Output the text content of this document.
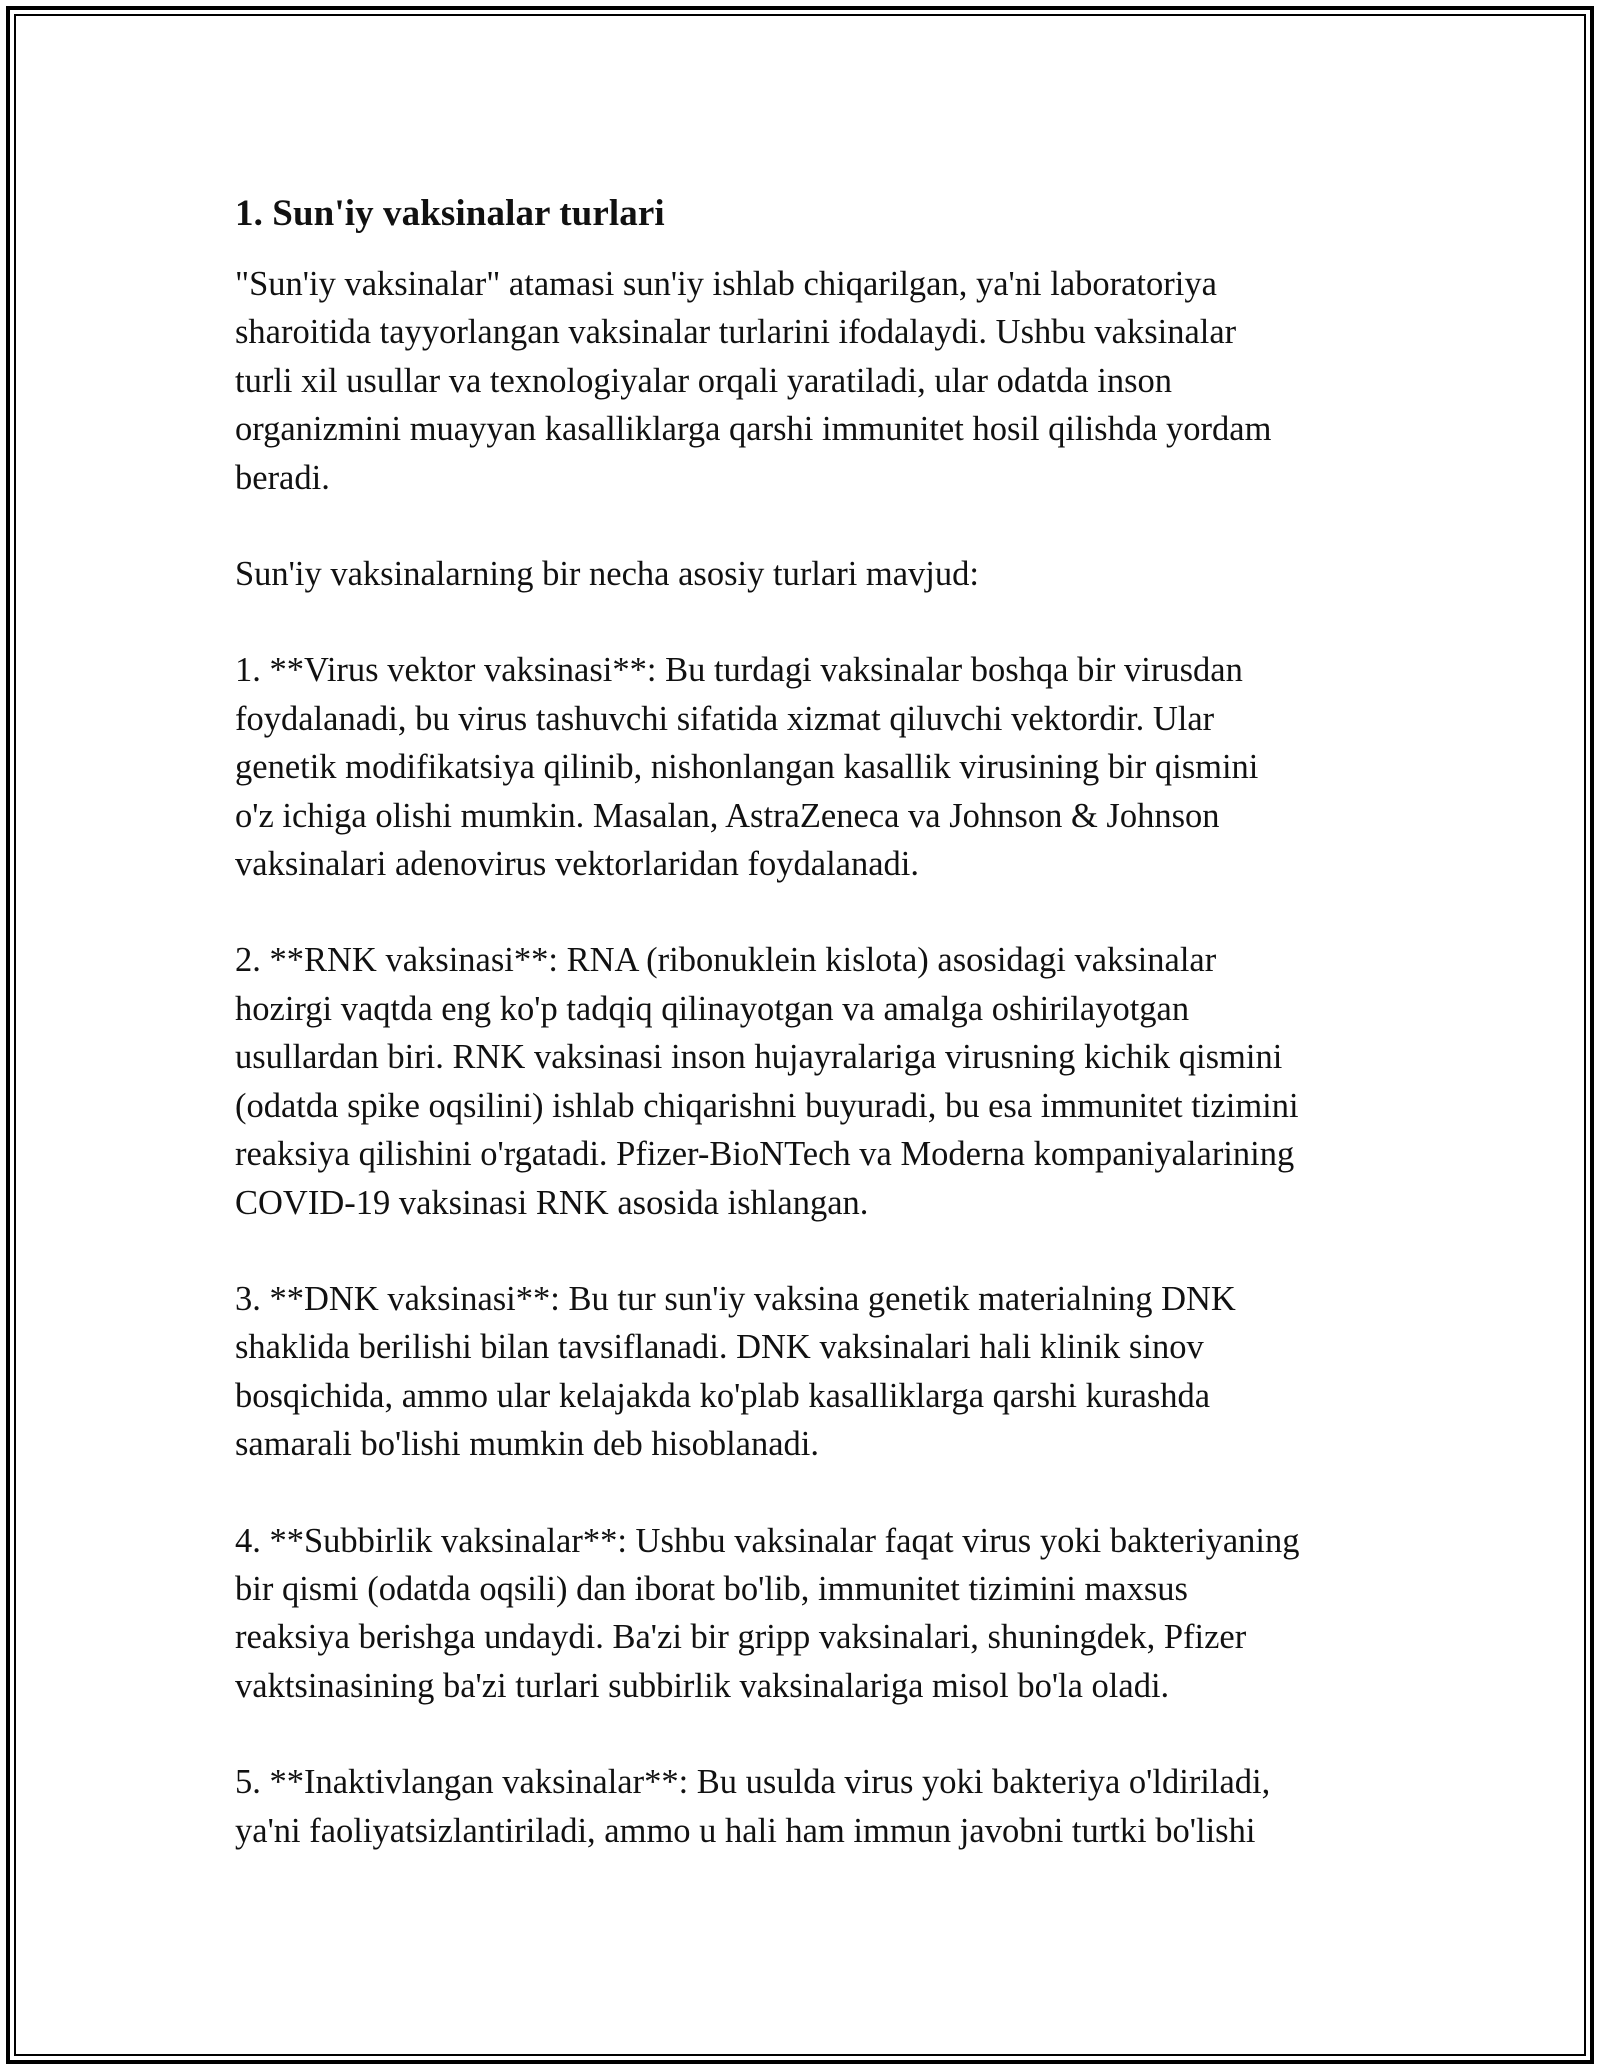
1. Sun'iy vaksinalar turlari

"Sun'iy vaksinalar" atamasi sun'iy ishlab chiqarilgan, ya'ni laboratoriya
sharoitida tayyorlangan vaksinalar turlarini ifodalaydi. Ushbu vaksinalar
turli xil usullar va texnologiyalar orqali yaratiladi, ular odatda inson
organizmini muayyan kasalliklarga qarshi immunitet hosil qilishda yordam
beradi.

Sun'iy vaksinalarning bir necha asosiy turlari mavjud:

1. **Virus vektor vaksinasi**: Bu turdagi vaksinalar boshqa bir virusdan
foydalanadi, bu virus tashuvchi sifatida xizmat qiluvchi vektordir. Ular
genetik modifikatsiya qilinib, nishonlangan kasallik virusining bir qismini
o'z ichiga olishi mumkin. Masalan, AstraZeneca va Johnson & Johnson
vaksinalari adenovirus vektorlaridan foydalanadi.

2. **RNK vaksinasi**: RNA (ribonuklein kislota) asosidagi vaksinalar
hozirgi vaqtda eng ko'p tadqiq qilinayotgan va amalga oshirilayotgan
usullardan biri. RNK vaksinasi inson hujayralariga virusning kichik qismini
(odatda spike oqsilini) ishlab chiqarishni buyuradi, bu esa immunitet tizimini
reaksiya qilishini o'rgatadi. Pfizer-BioNTech va Moderna kompaniyalarining
COVID-19 vaksinasi RNK asosida ishlangan.

3. **DNK vaksinasi**: Bu tur sun'iy vaksina genetik materialning DNK
shaklida berilishi bilan tavsiflanadi. DNK vaksinalari hali klinik sinov
bosqichida, ammo ular kelajakda ko'plab kasalliklarga qarshi kurashda
samarali bo'lishi mumkin deb hisoblanadi.

4. **Subbirlik vaksinalar**: Ushbu vaksinalar faqat virus yoki bakteriyaning
bir qismi (odatda oqsili) dan iborat bo'lib, immunitet tizimini maxsus
reaksiya berishga undaydi. Ba'zi bir gripp vaksinalari, shuningdek, Pfizer
vaktsinasining ba'zi turlari subbirlik vaksinalariga misol bo'la oladi.

5. **Inaktivlangan vaksinalar**: Bu usulda virus yoki bakteriya o'ldiriladi,
ya'ni faoliyatsizlantiriladi, ammo u hali ham immun javobni turtki bo'lishi
